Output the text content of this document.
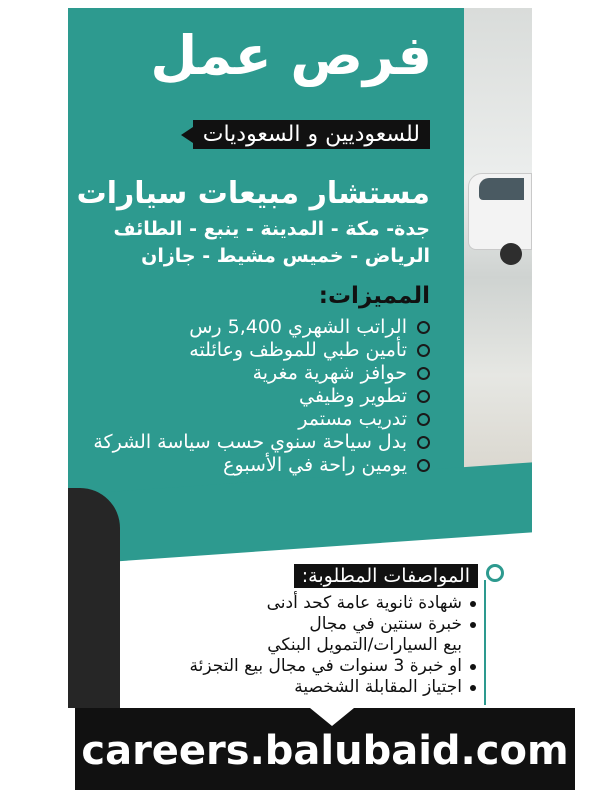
فرص عمل
للسعوديين و السعوديات
مستشار مبيعات سيارات
جدة- مكة - المدينة - ينبع - الطائف
الرياض - خميس مشيط - جازان
المميزات:
الراتب الشهري 5,400 رس
تأمين طبي للموظف وعائلته
حوافز شهرية مغرية
تطوير وظيفي
تدريب مستمر
بدل سياحة سنوي حسب سياسة الشركة
يومين راحة في الأسبوع
المواصفات المطلوبة:
شهادة ثانوية عامة كحد أدنى
خبرة سنتين في مجال
بيع السيارات/التمويل البنكي
او خبرة 3 سنوات في مجال بيع التجزئة
اجتياز المقابلة الشخصية
careers.balubaid.com
